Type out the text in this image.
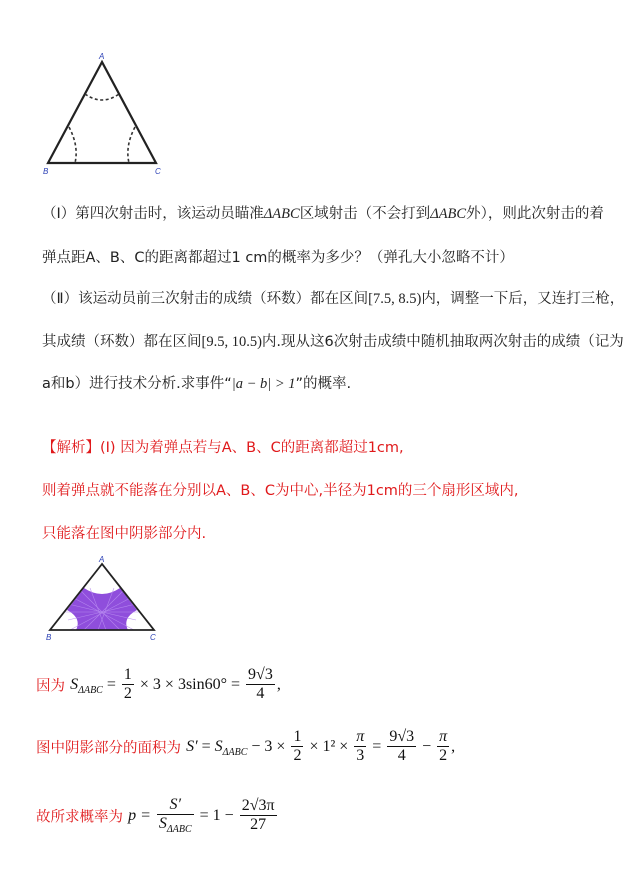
A
B	C
（Ⅰ）第四次射击时，该运动员瞄准ΔABC区域射击（不会打到ΔABC外），则此次射击的着
弹点距A、B、C的距离都超过1 cm的概率为多少？（弹孔大小忽略不计）
（Ⅱ）该运动员前三次射击的成绩（环数）都在区间[7.5, 8.5)内，调整一下后，又连打三枪，
其成绩（环数）都在区间[9.5, 10.5)内.现从这6次射击成绩中随机抽取两次射击的成绩（记为
a和b）进行技术分析.求事件“|a − b| > 1”的概率.
【解析】(Ⅰ) 因为着弹点若与A、B、C的距离都超过1cm,
则着弹点就不能落在分别以A、B、C为中心,半径为1cm的三个扇形区域内,
只能落在图中阴影部分内.
A
B	C
因为 $S_{\Delta ABC} = \frac{1}{2} \times 3 \times 3\sin 60^\circ = \frac{9√3}{4}$ ,
图中阴影部分的面积为 $S' = S_{\Delta ABC} - 3 \times \frac{1}{2} \times 1^2 \times \frac{\pi}{3} = \frac{9√3}{4} - \frac{\pi}{2}$ ,
故所求概率为 $p = \frac{S'}{S_{\Delta ABC}} = 1 - \frac{2√3\pi}{27}$
